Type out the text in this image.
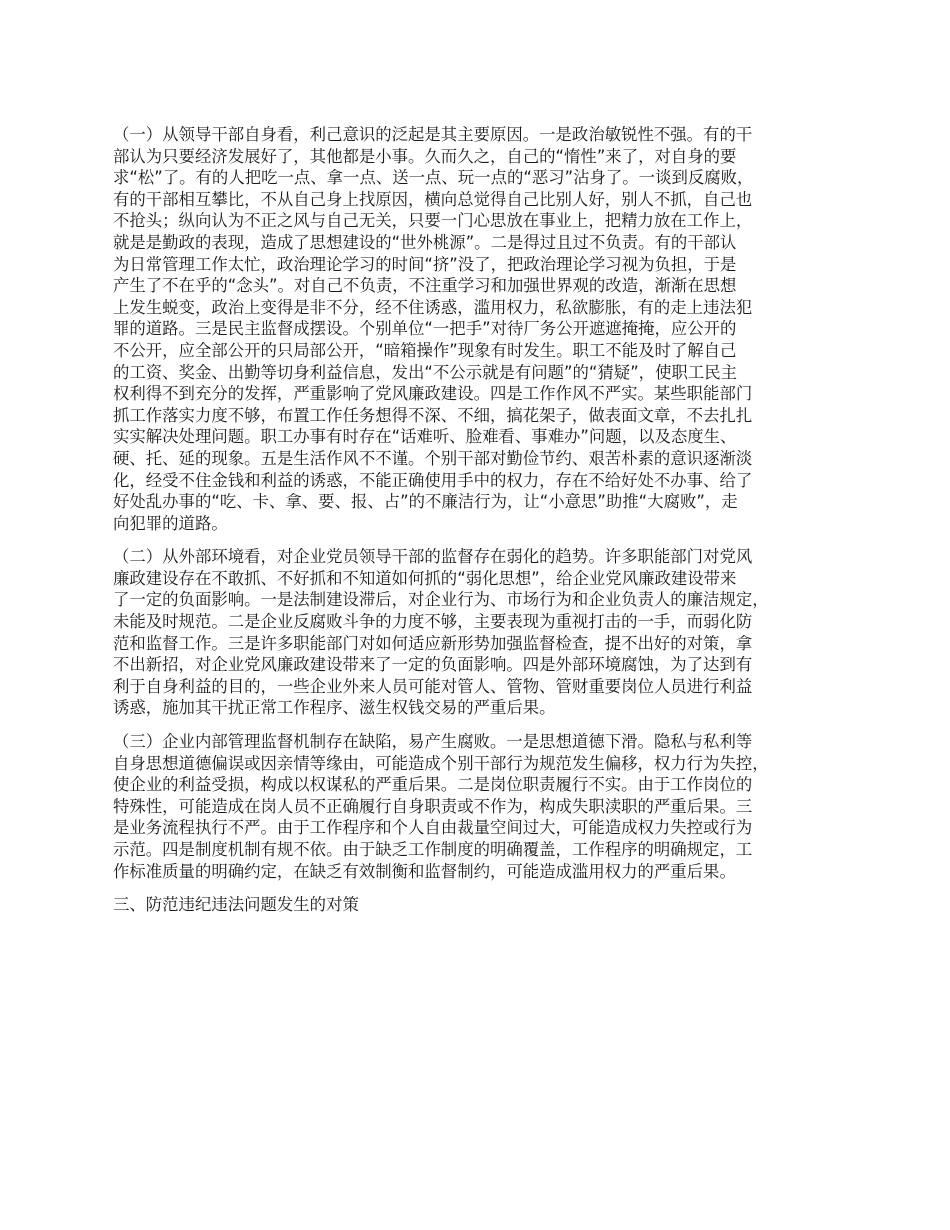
（一）从领导干部自身看，利己意识的泛起是其主要原因。一是政治敏锐性不强。有的干
部认为只要经济发展好了，其他都是小事。久而久之，自己的“惰性”来了，对自身的要
求“松”了。有的人把吃一点、拿一点、送一点、玩一点的“恶习”沾身了。一谈到反腐败，
有的干部相互攀比，不从自己身上找原因，横向总觉得自己比别人好，别人不抓，自己也
不抢头；纵向认为不正之风与自己无关，只要一门心思放在事业上，把精力放在工作上，
就是是勤政的表现，造成了思想建设的“世外桃源”。二是得过且过不负责。有的干部认
为日常管理工作太忙，政治理论学习的时间“挤”没了，把政治理论学习视为负担，于是
产生了不在乎的“念头”。对自己不负责，不注重学习和加强世界观的改造，渐渐在思想
上发生蜕变，政治上变得是非不分，经不住诱惑，滥用权力，私欲膨胀，有的走上违法犯
罪的道路。三是民主监督成摆设。个别单位“一把手”对待厂务公开遮遮掩掩，应公开的
不公开，应全部公开的只局部公开，“暗箱操作”现象有时发生。职工不能及时了解自己
的工资、奖金、出勤等切身利益信息，发出“不公示就是有问题”的“猜疑”，使职工民主
权利得不到充分的发挥，严重影响了党风廉政建设。四是工作作风不严实。某些职能部门
抓工作落实力度不够，布置工作任务想得不深、不细，搞花架子，做表面文章，不去扎扎
实实解决处理问题。职工办事有时存在“话难听、脸难看、事难办”问题，以及态度生、
硬、托、延的现象。五是生活作风不不谨。个别干部对勤俭节约、艰苦朴素的意识逐渐淡
化，经受不住金钱和利益的诱惑，不能正确使用手中的权力，存在不给好处不办事、给了
好处乱办事的“吃、卡、拿、要、报、占”的不廉洁行为，让“小意思”助推“大腐败”，走
向犯罪的道路。
（二）从外部环境看，对企业党员领导干部的监督存在弱化的趋势。许多职能部门对党风
廉政建设存在不敢抓、不好抓和不知道如何抓的“弱化思想”，给企业党风廉政建设带来
了一定的负面影响。一是法制建设滞后，对企业行为、市场行为和企业负责人的廉洁规定，
未能及时规范。二是企业反腐败斗争的力度不够，主要表现为重视打击的一手，而弱化防
范和监督工作。三是许多职能部门对如何适应新形势加强监督检查，提不出好的对策，拿
不出新招，对企业党风廉政建设带来了一定的负面影响。四是外部环境腐蚀，为了达到有
利于自身利益的目的，一些企业外来人员可能对管人、管物、管财重要岗位人员进行利益
诱惑，施加其干扰正常工作程序、滋生权钱交易的严重后果。
（三）企业内部管理监督机制存在缺陷，易产生腐败。一是思想道德下滑。隐私与私利等
自身思想道德偏误或因亲情等缘由，可能造成个别干部行为规范发生偏移，权力行为失控，
使企业的利益受损，构成以权谋私的严重后果。二是岗位职责履行不实。由于工作岗位的
特殊性，可能造成在岗人员不正确履行自身职责或不作为，构成失职渎职的严重后果。三
是业务流程执行不严。由于工作程序和个人自由裁量空间过大，可能造成权力失控或行为
示范。四是制度机制有规不依。由于缺乏工作制度的明确覆盖，工作程序的明确规定，工
作标准质量的明确约定，在缺乏有效制衡和监督制约，可能造成滥用权力的严重后果。
三、防范违纪违法问题发生的对策
